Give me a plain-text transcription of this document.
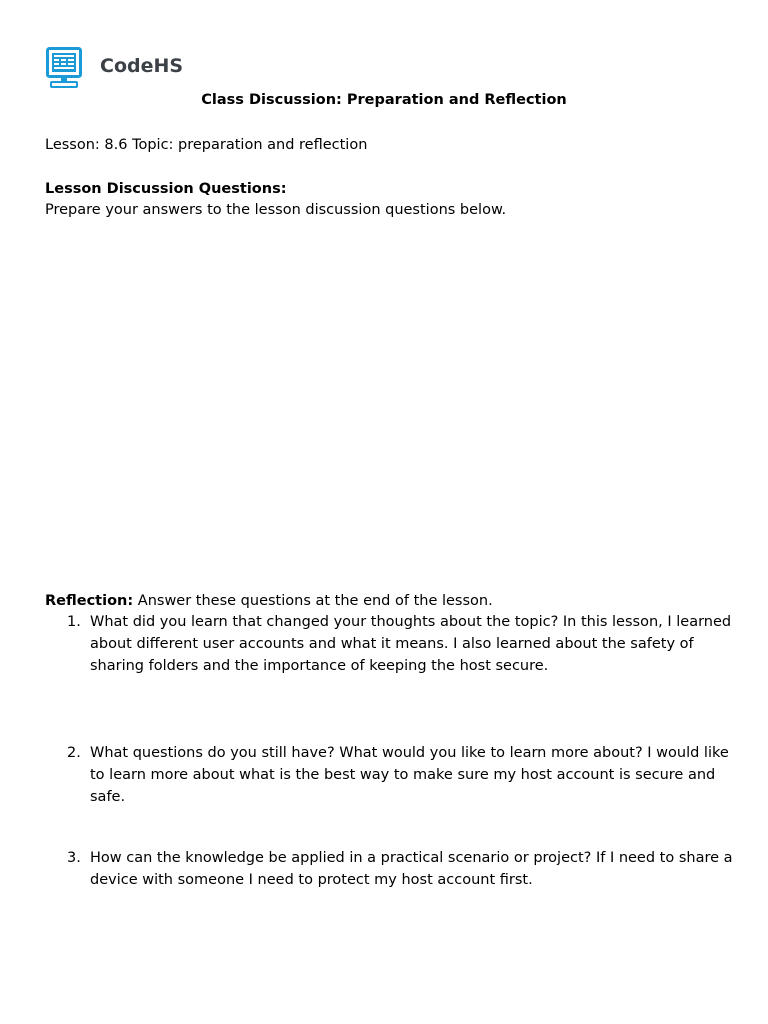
CodeHS
Class Discussion: Preparation and Reflection
Lesson: 8.6 Topic: preparation and reflection
Lesson Discussion Questions:
Prepare your answers to the lesson discussion questions below.
Reflection: Answer these questions at the end of the lesson.
1. What did you learn that changed your thoughts about the topic? In this lesson, I learned about different user accounts and what it means. I also learned about the safety of sharing folders and the importance of keeping the host secure.
2. What questions do you still have? What would you like to learn more about? I would like to learn more about what is the best way to make sure my host account is secure and safe.
3. How can the knowledge be applied in a practical scenario or project? If I need to share a device with someone I need to protect my host account first.
